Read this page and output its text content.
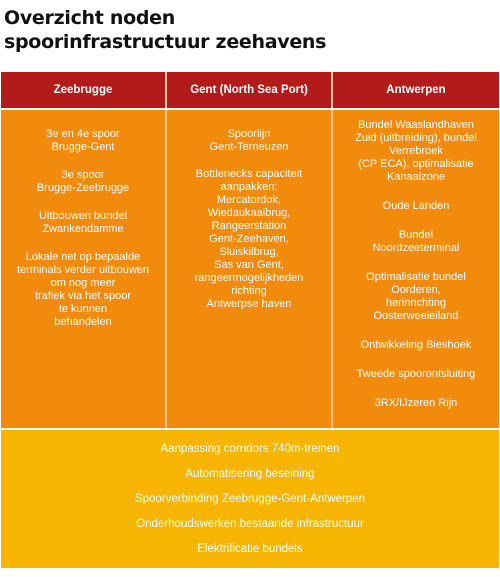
Overzicht noden
spoorinfrastructuur zeehavens
Zeebrugge	Gent (North Sea Port)	Antwerpen
3e en 4e spoor
Brugge-Gent
3e spoor
Brugge-Zeebrugge
Uitbouwen bundel
Zwankendamme
Lokale net op bepaalde
terminals verder uitbouwen
om nog meer
trafiek via het spoor
te kunnen
behandelen
Spoorlijn
Gent-Terneuzen
Bottlenecks capaciteit
aanpakken:
Mercatordok,
Wiedaukaaibrug,
Rangeerstation
Gent-Zeehaven,
Sluiskilbrug,
Sas van Gent,
rangeermogelijkheden
richting
Antwerpse haven
Bundel Waaslandhaven
Zuid (uitbreiding), bundel
Verrebroek
(CP ECA), optimalisatie
Kanaalzone
Oude Landen
Bundel
Noordzeeterminal
Optimalisatie bundel
Oorderen,
herinrichting
Oosterweeleiland
Ontwikkeling Bieshoek
Tweede spoorontsluiting
3RX/IJzeren Rijn
Aanpassing corridors 740m-treinen
Automatisering beseining
Spoorverbinding Zeebrugge-Gent-Antwerpen
Onderhoudswerken bestaande infrastructuur
Elektrificatie bundels
